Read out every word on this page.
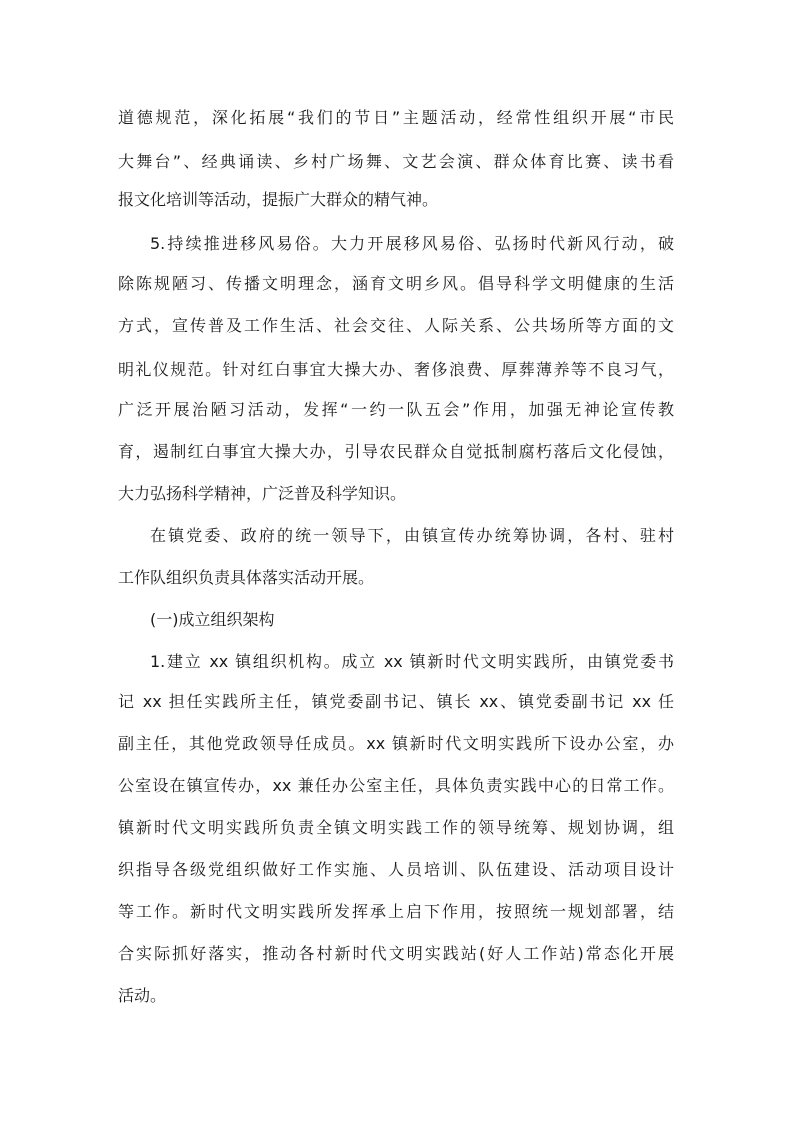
道德规范，深化拓展“我们的节日”主题活动，经常性组织开展“市民
大舞台”、经典诵读、乡村广场舞、文艺会演、群众体育比赛、读书看
报文化培训等活动，提振广大群众的精气神。
5.持续推进移风易俗。大力开展移风易俗、弘扬时代新风行动，破
除陈规陋习、传播文明理念，涵育文明乡风。倡导科学文明健康的生活
方式，宣传普及工作生活、社会交往、人际关系、公共场所等方面的文
明礼仪规范。针对红白事宜大操大办、奢侈浪费、厚葬薄养等不良习气，
广泛开展治陋习活动，发挥“一约一队五会”作用，加强无神论宣传教
育，遏制红白事宜大操大办，引导农民群众自觉抵制腐朽落后文化侵蚀，
大力弘扬科学精神，广泛普及科学知识。
在镇党委、政府的统一领导下，由镇宣传办统筹协调，各村、驻村
工作队组织负责具体落实活动开展。
(一)成立组织架构
1.建立 xx 镇组织机构。成立 xx 镇新时代文明实践所，由镇党委书
记 xx 担任实践所主任，镇党委副书记、镇长 xx、镇党委副书记 xx 任
副主任，其他党政领导任成员。xx 镇新时代文明实践所下设办公室，办
公室设在镇宣传办，xx 兼任办公室主任，具体负责实践中心的日常工作。
镇新时代文明实践所负责全镇文明实践工作的领导统筹、规划协调，组
织指导各级党组织做好工作实施、人员培训、队伍建设、活动项目设计
等工作。新时代文明实践所发挥承上启下作用，按照统一规划部署，结
合实际抓好落实，推动各村新时代文明实践站(好人工作站)常态化开展
活动。
